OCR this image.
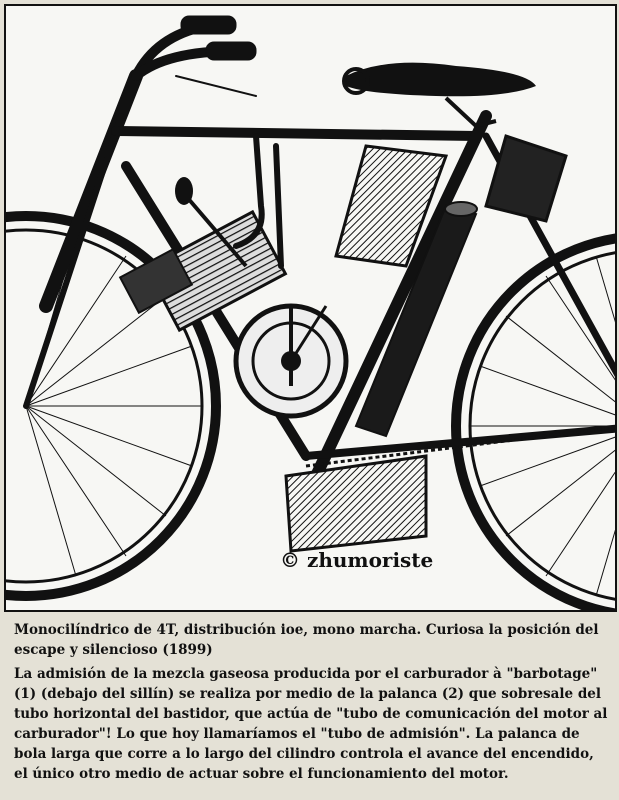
© zhumoriste

Monocilíndrico de 4T, distribución ioe, mono marcha. Curiosa la posición del escape y silencioso (1899)

La admisión de la mezcla gaseosa producida por el carburador à "barbotage" (1) (debajo del sillín) se realiza por medio de la palanca (2) que sobresale del tubo horizontal del bastidor, que actúa de "tubo de comunicación del motor al carburador"! Lo que hoy llamaríamos el "tubo de admisión". La palanca de bola larga que corre a lo largo del cilindro controla el avance del encendido, el único otro medio de actuar sobre el funcionamiento del motor.
